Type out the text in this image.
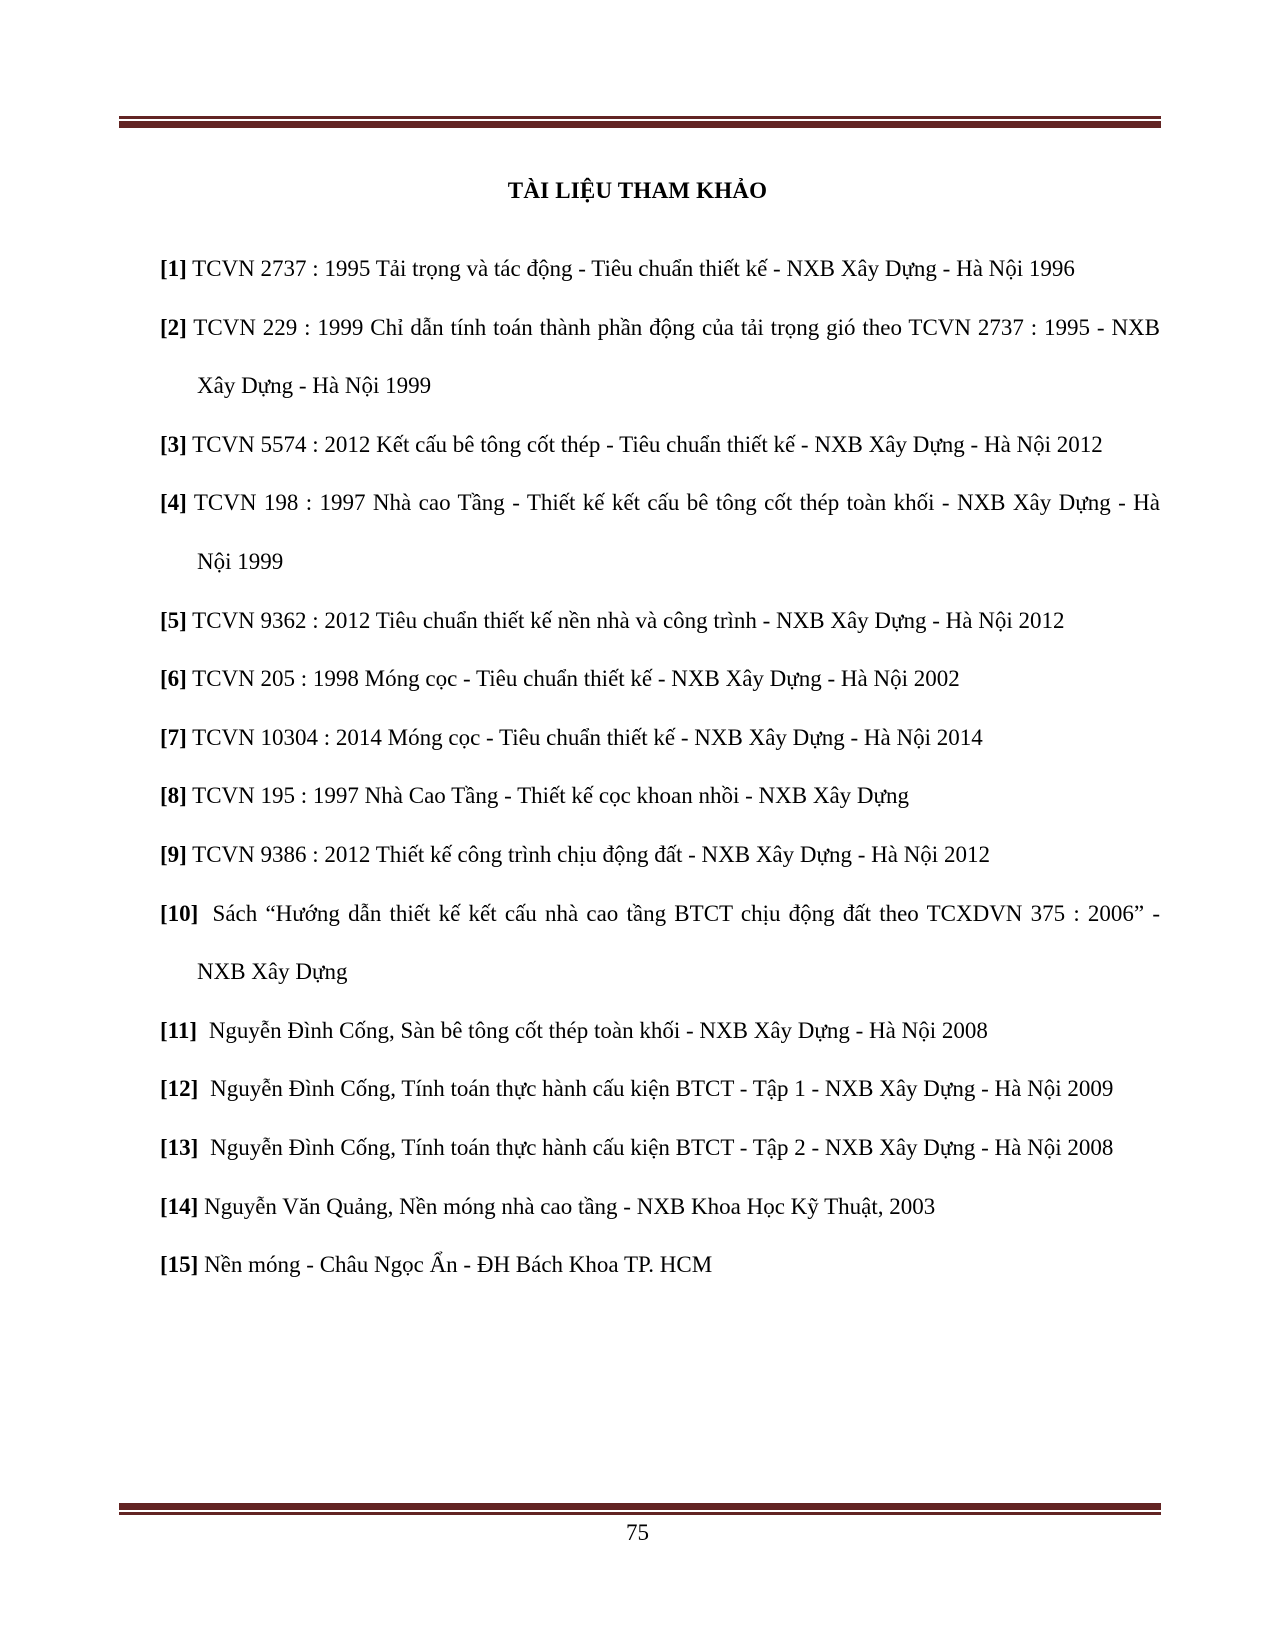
TÀI LIỆU THAM KHẢO
[1] TCVN 2737 : 1995 Tải trọng và tác động - Tiêu chuẩn thiết kế - NXB Xây Dựng - Hà Nội 1996
[2] TCVN 229 : 1999 Chỉ dẫn tính toán thành phần động của tải trọng gió theo TCVN 2737 : 1995 - NXB Xây Dựng - Hà Nội 1999
[3] TCVN 5574 : 2012 Kết cấu bê tông cốt thép - Tiêu chuẩn thiết kế - NXB Xây Dựng - Hà Nội 2012
[4] TCVN 198 : 1997 Nhà cao Tầng - Thiết kế kết cấu bê tông cốt thép toàn khối - NXB Xây Dựng - Hà Nội 1999
[5] TCVN 9362 : 2012 Tiêu chuẩn thiết kế nền nhà và công trình - NXB Xây Dựng - Hà Nội 2012
[6] TCVN 205 : 1998 Móng cọc - Tiêu chuẩn thiết kế - NXB Xây Dựng - Hà Nội 2002
[7] TCVN 10304 : 2014 Móng cọc - Tiêu chuẩn thiết kế - NXB Xây Dựng - Hà Nội 2014
[8] TCVN 195 : 1997 Nhà Cao Tầng - Thiết kế cọc khoan nhồi - NXB Xây Dựng
[9] TCVN 9386 : 2012 Thiết kế công trình chịu động đất - NXB Xây Dựng - Hà Nội 2012
[10] Sách “Hướng dẫn thiết kế kết cấu nhà cao tầng BTCT chịu động đất theo TCXDVN 375 : 2006” - NXB Xây Dựng
[11] Nguyễn Đình Cống, Sàn bê tông cốt thép toàn khối - NXB Xây Dựng - Hà Nội 2008
[12] Nguyễn Đình Cống, Tính toán thực hành cấu kiện BTCT - Tập 1 - NXB Xây Dựng - Hà Nội 2009
[13] Nguyễn Đình Cống, Tính toán thực hành cấu kiện BTCT - Tập 2 - NXB Xây Dựng - Hà Nội 2008
[14] Nguyễn Văn Quảng, Nền móng nhà cao tầng - NXB Khoa Học Kỹ Thuật, 2003
[15] Nền móng - Châu Ngọc Ẩn - ĐH Bách Khoa TP. HCM
75
